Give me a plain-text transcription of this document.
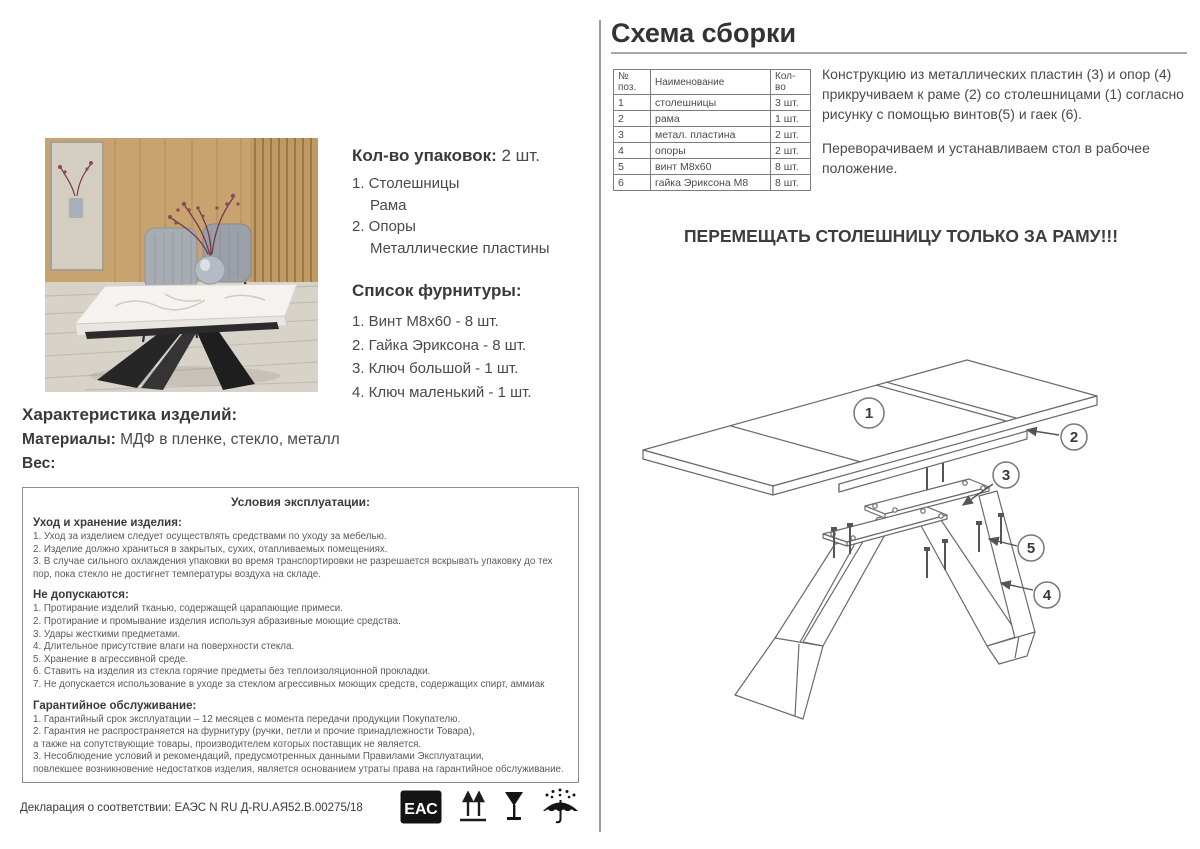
Кол-во упаковок: 2 шт.
1. Столешницы
Рама
2. Опоры
Металлические пластины
Список фурнитуры:
1. Винт М8х60 - 8 шт.
2. Гайка Эриксона - 8 шт.
3. Ключ большой - 1 шт.
4. Ключ маленький - 1 шт.
Характеристика изделий:
Материалы: МДФ в пленке, стекло, металл
Вес:
Условия эксплуатации:
Уход и хранение изделия:
1. Уход за изделием следует осуществлять средствами по уходу за мебелью.
2. Изделие должно храниться в закрытых, сухих, отапливаемых помещениях.
3. В случае сильного охлаждения упаковки во время транспортировки не разрешается вскрывать упаковку до тех пор, пока стекло не достигнет температуры воздуха на складе.
Не допускаются:
1. Протирание изделий тканью, содержащей царапающие примеси.
2. Протирание и промывание изделия используя абразивные моющие средства.
3. Удары жесткими предметами.
4. Длительное присутствие влаги на поверхности стекла.
5. Хранение в агрессивной среде.
6. Ставить на изделия из стекла горячие предметы без теплоизоляционной прокладки.
7. Не допускается использование в уходе за стеклом агрессивных моющих средств, содержащих спирт, аммиак
Гарантийное обслуживание:
1. Гарантийный срок эксплуатации – 12 месяцев с момента передачи продукции Покупателю.
2. Гарантия не распространяется на фурнитуру (ручки, петли и прочие принадлежности Товара),
а также на сопутствующие товары, производителем которых поставщик не является.
3. Несоблюдение условий и рекомендаций, предусмотренных данными Правилами Эксплуатации,
повлекшее возникновение недостатков изделия, является основанием утраты права на гарантийное обслуживание.
Декларация о соответствии: ЕАЭС N RU Д-RU.АЯ52.В.00275/18	ЕАС
Схема сборки
№ поз.	Наименование	Кол-во
1	столешницы	3 шт.
2	рама	1 шт.
3	метал. пластина	2 шт.
4	опоры	2 шт.
5	винт М8х60	8 шт.
6	гайка Эриксона М8	8 шт.

Конструкцию из металлических пластин (3) и опор (4) прикручиваем к раме (2) со столешницами (1) согласно рисунку с помощью винтов(5) и гаек (6).

Переворачиваем и устанавливаем стол в рабочее положение.

ПЕРЕМЕЩАТЬ СТОЛЕШНИЦУ ТОЛЬКО ЗА РАМУ!!!
1
2
3
5
4
